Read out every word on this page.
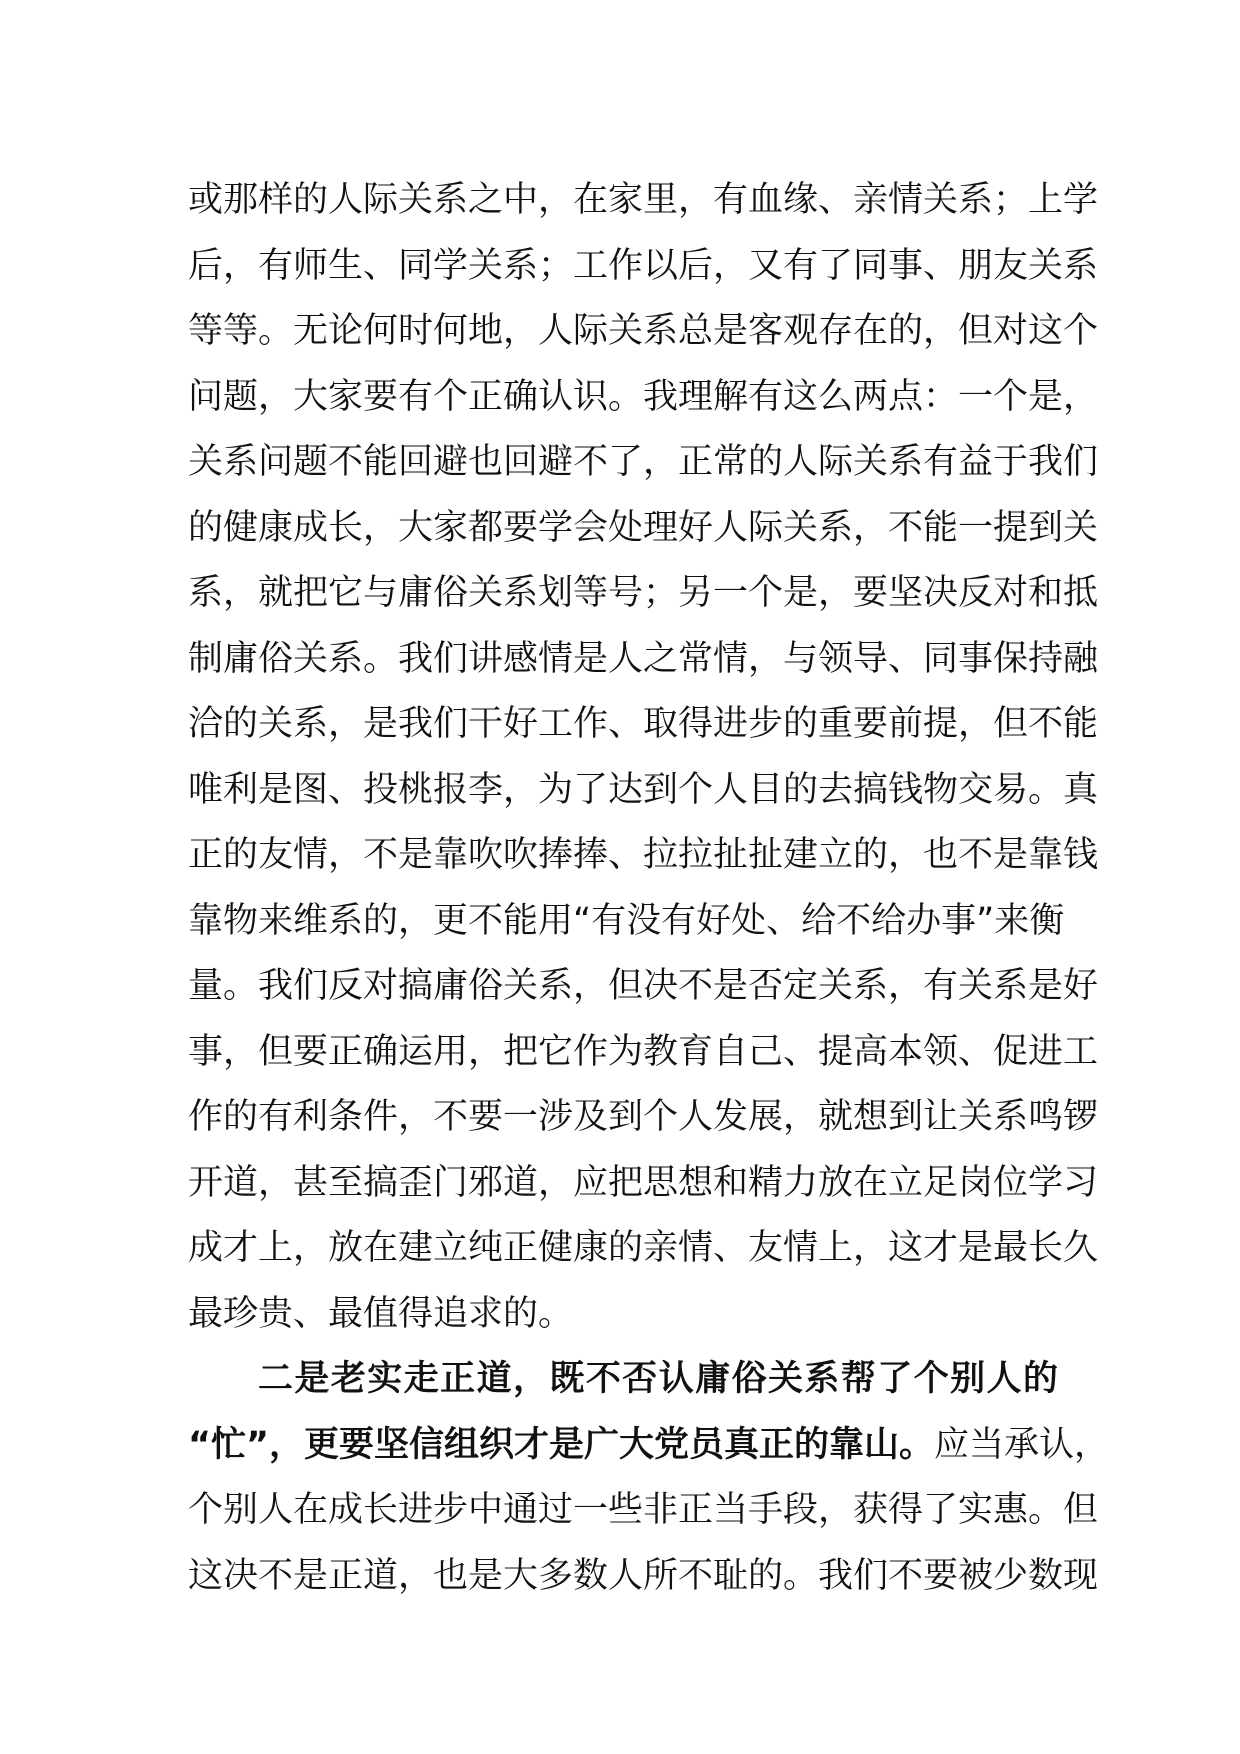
或那样的人际关系之中，在家里，有血缘、亲情关系；上学
后，有师生、同学关系；工作以后，又有了同事、朋友关系
等等。无论何时何地，人际关系总是客观存在的，但对这个
问题，大家要有个正确认识。我理解有这么两点：一个是，
关系问题不能回避也回避不了，正常的人际关系有益于我们
的健康成长，大家都要学会处理好人际关系，不能一提到关
系，就把它与庸俗关系划等号；另一个是，要坚决反对和抵
制庸俗关系。我们讲感情是人之常情，与领导、同事保持融
洽的关系，是我们干好工作、取得进步的重要前提，但不能
唯利是图、投桃报李，为了达到个人目的去搞钱物交易。真
正的友情，不是靠吹吹捧捧、拉拉扯扯建立的，也不是靠钱
靠物来维系的，更不能用“有没有好处、给不给办事”来衡
量。我们反对搞庸俗关系，但决不是否定关系，有关系是好
事，但要正确运用，把它作为教育自己、提高本领、促进工
作的有利条件，不要一涉及到个人发展，就想到让关系鸣锣
开道，甚至搞歪门邪道，应把思想和精力放在立足岗位学习
成才上，放在建立纯正健康的亲情、友情上，这才是最长久
最珍贵、最值得追求的。
二是老实走正道，既不否认庸俗关系帮了个别人的
“忙”，更要坚信组织才是广大党员真正的靠山。应当承认，
个别人在成长进步中通过一些非正当手段，获得了实惠。但
这决不是正道，也是大多数人所不耻的。我们不要被少数现
